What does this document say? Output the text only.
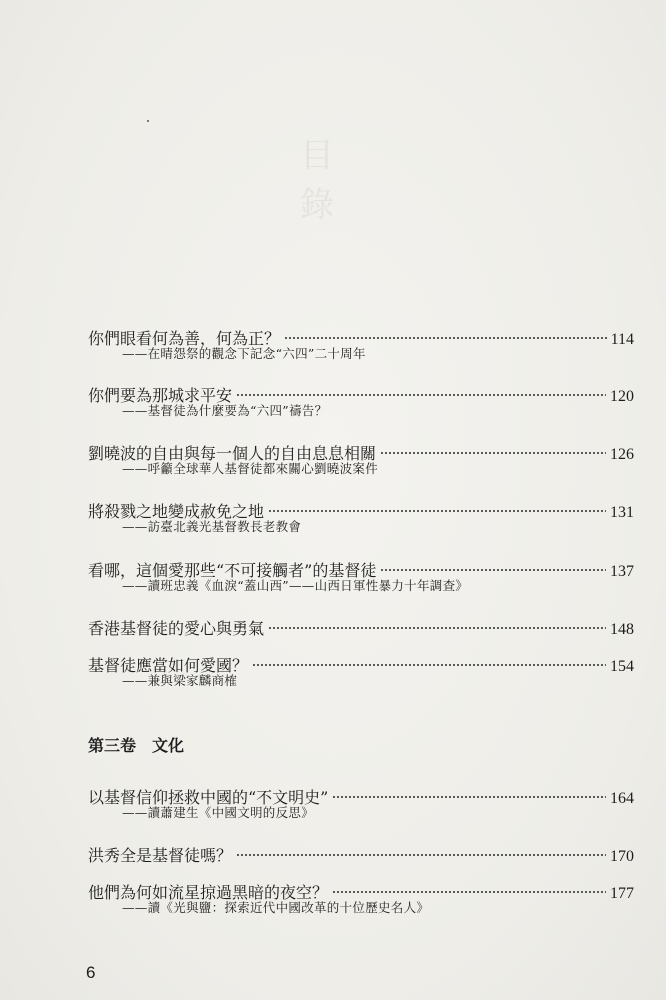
目錄
你們眼看何為善，何為正？	114
——在晴怨祭的觀念下記念“六四”二十周年
你們要為那城求平安	120
——基督徒為什麼要為“六四”禱告？
劉曉波的自由與每一個人的自由息息相關	126
——呼籲全球華人基督徒都來關心劉曉波案件
將殺戮之地變成赦免之地	131
——訪臺北義光基督教長老教會
看哪，這個愛那些“不可接觸者”的基督徒	137
——讀班忠義《血淚“蓋山西”——山西日軍性暴力十年調查》
香港基督徒的愛心與勇氣	148
基督徒應當如何愛國？	154
——兼與梁家麟商榷
第三卷　文化
以基督信仰拯救中國的“不文明史”	164
——讀蕭建生《中國文明的反思》
洪秀全是基督徒嗎？	170
他們為何如流星掠過黑暗的夜空？	177
——讀《光與鹽：探索近代中國改革的十位歷史名人》
6
